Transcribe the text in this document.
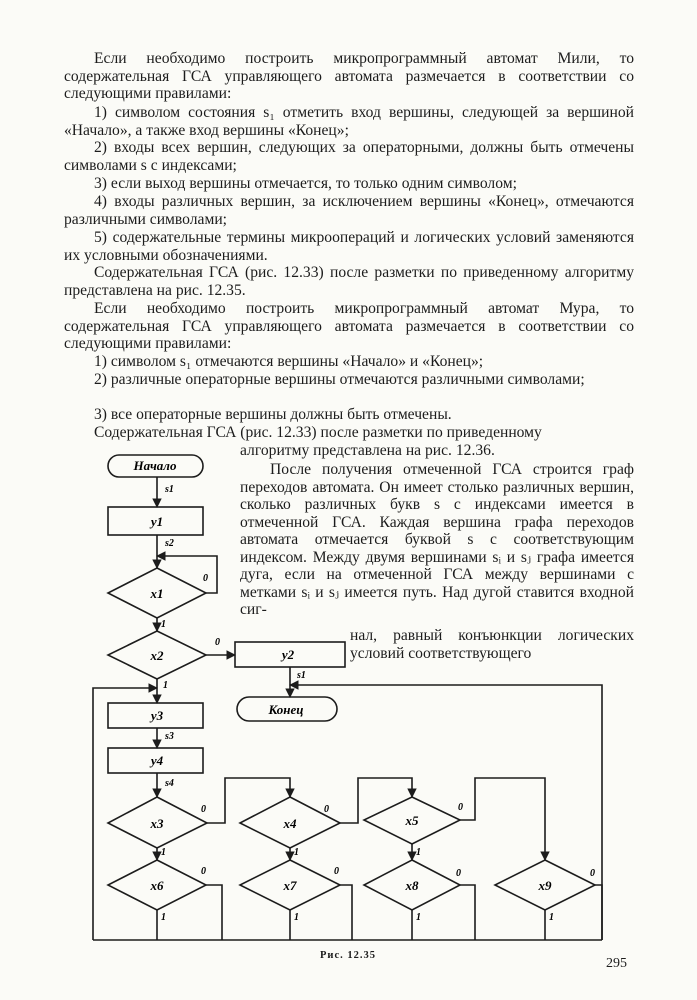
Если необходимо построить микропрограммный автомат Мили, то содержательная ГСА управляющего автомата размечается в соответствии со следующими правилами:

1) символом состояния s₁ отметить вход вершины, следующей за вершиной «Начало», а также вход вершины «Конец»;

2) входы всех вершин, следующих за операторными, должны быть отмечены символами s с индексами;

3) если выход вершины отмечается, то только одним символом;

4) входы различных вершин, за исключением вершины «Конец», отмечаются различными символами;

5) содержательные термины микроопераций и логических условий заменяются их условными обозначениями.

Содержательная ГСА (рис. 12.33) после разметки по приведенному алгоритму представлена на рис. 12.35.

Если необходимо построить микропрограммный автомат Мура, то содержательная ГСА управляющего автомата размечается в соответствии со следующими правилами:

1) символом s₁ отмечаются вершины «Начало» и «Конец»;

2) различные операторные вершины отмечаются различными символами;

3) все операторные вершины должны быть отмечены.

Содержательная ГСА (рис. 12.33) после разметки по приведенному

алгоритму представлена на рис. 12.36.

После получения отмеченной ГСА строится граф переходов автомата. Он имеет столько различных вершин, сколько различных букв s с индексами имеется в отмеченной ГСА. Каждая вершина графа переходов автомата отмечается буквой s с соответствующим индексом. Между двумя вершинами sᵢ и sⱼ графа имеется дуга, если на отмеченной ГСА между вершинами с метками sᵢ и sⱼ имеется путь. Над дугой ставится входной сиг-

нал, равный конъюнкции логических условий соответствующего

Начало
Конец
y1
y2
y3
y4
x1
x2
x3	x4	x5
x6	x7	x8	x9
s1
s2
s1
s3
s4
0
1
0
1
0
1
0
1
0
1
0
1
0
1
0
1
0
1
Рис. 12.35
295
